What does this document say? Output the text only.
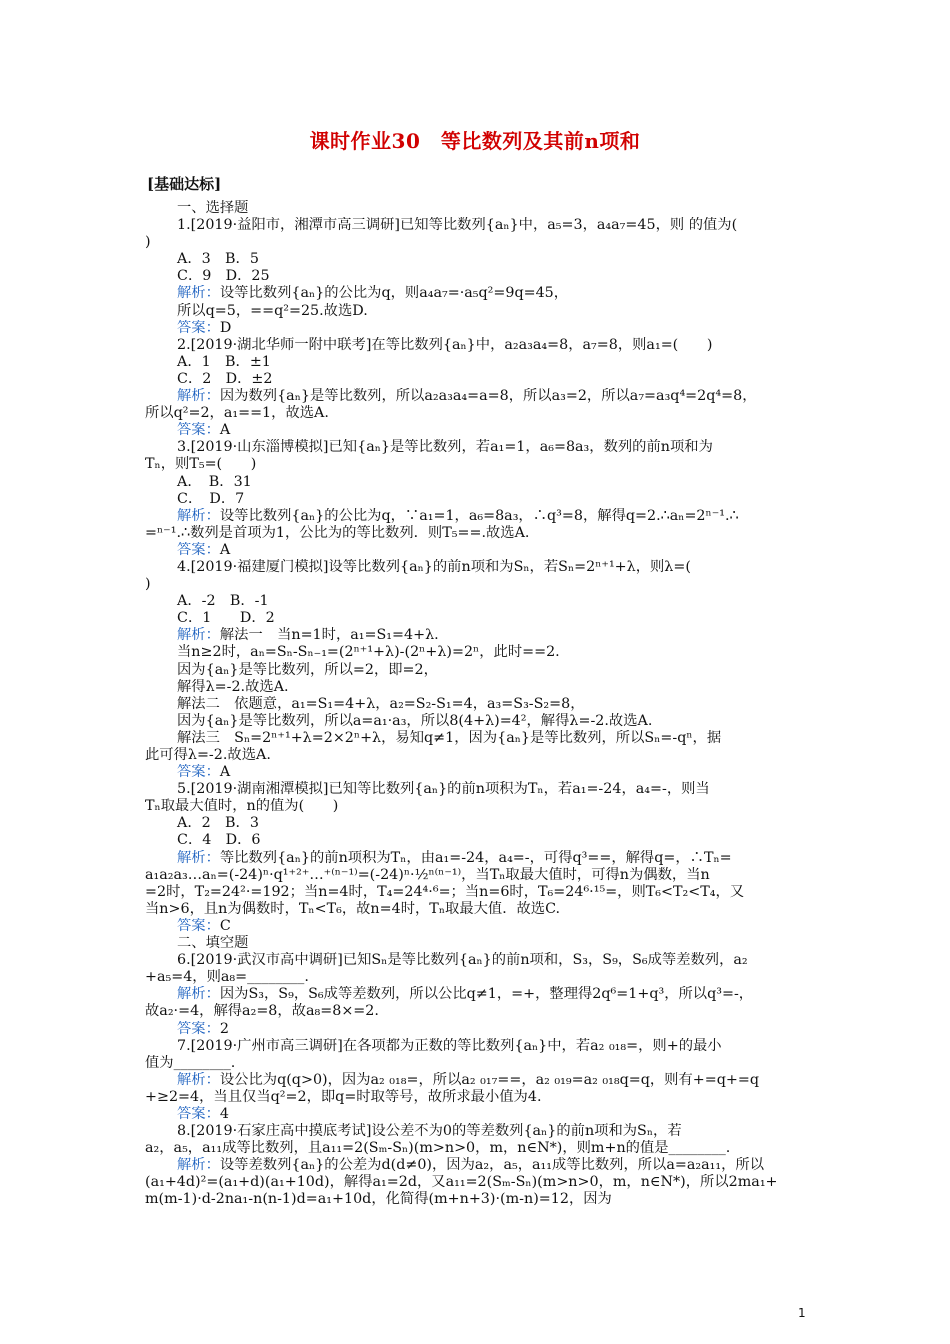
课时作业30　等比数列及其前n项和
[基础达标]

一、选择题

1.[2019·益阳市，湘潭市高三调研]已知等比数列{aₙ}中，a₅=3，a₄a₇=45，则 的值为(

)

A．3　B．5

C．9　D．25

解析：设等比数列{aₙ}的公比为q，则a₄a₇=·a₅q²=9q=45，

所以q=5，==q²=25.故选D.

答案：D

2.[2019·湖北华师一附中联考]在等比数列{aₙ}中，a₂a₃a₄=8，a₇=8，则a₁=(　　)

A．1　B．±1

C．2　D．±2

解析：因为数列{aₙ}是等比数列，所以a₂a₃a₄=a=8，所以a₃=2，所以a₇=a₃q⁴=2q⁴=8，

所以q²=2，a₁==1，故选A.

答案：A

3.[2019·山东淄博模拟]已知{aₙ}是等比数列，若a₁=1，a₆=8a₃，数列的前n项和为

Tₙ，则T₅=(　　)

A．　B．31

C．　D．7

解析：设等比数列{aₙ}的公比为q，∵a₁=1，a₆=8a₃，∴q³=8，解得q=2.∴aₙ=2ⁿ⁻¹.∴

=ⁿ⁻¹.∴数列是首项为1，公比为的等比数列．则T₅==.故选A.

答案：A

4.[2019·福建厦门模拟]设等比数列{aₙ}的前n项和为Sₙ，若Sₙ=2ⁿ⁺¹+λ，则λ=(

)

A．-2　B．-1

C．1　　D．2

解析：解法一　当n=1时，a₁=S₁=4+λ.

当n≥2时，aₙ=Sₙ-Sₙ₋₁=(2ⁿ⁺¹+λ)-(2ⁿ+λ)=2ⁿ，此时==2.

因为{aₙ}是等比数列，所以=2，即=2，

解得λ=-2.故选A.

解法二　依题意，a₁=S₁=4+λ，a₂=S₂-S₁=4，a₃=S₃-S₂=8，

因为{aₙ}是等比数列，所以a=a₁·a₃，所以8(4+λ)=4²，解得λ=-2.故选A.

解法三　Sₙ=2ⁿ⁺¹+λ=2×2ⁿ+λ，易知q≠1，因为{aₙ}是等比数列，所以Sₙ=-qⁿ，据

此可得λ=-2.故选A.

答案：A

5.[2019·湖南湘潭模拟]已知等比数列{aₙ}的前n项积为Tₙ，若a₁=-24，a₄=-，则当

Tₙ取最大值时，n的值为(　　)

A．2　B．3

C．4　D．6

解析：等比数列{aₙ}的前n项积为Tₙ，由a₁=-24，a₄=-，可得q³==，解得q=，∴Tₙ=

a₁a₂a₃…aₙ=(-24)ⁿ·q¹⁺²⁺…⁺⁽ⁿ⁻¹⁾=(-24)ⁿ·½ⁿ⁽ⁿ⁻¹⁾，当Tₙ取最大值时，可得n为偶数，当n

=2时，T₂=24²·=192；当n=4时，T₄=24⁴·⁶=；当n=6时，T₆=24⁶·¹⁵=，则T₆<T₂<T₄，又

当n>6，且n为偶数时，Tₙ<T₆，故n=4时，Tₙ取最大值．故选C.

答案：C

二、填空题

6.[2019·武汉市高中调研]已知Sₙ是等比数列{aₙ}的前n项和，S₃，S₉，S₆成等差数列，a₂

+a₅=4，则a₈=________.

解析：因为S₃，S₉，S₆成等差数列，所以公比q≠1，=+，整理得2q⁶=1+q³，所以q³=-，

故a₂·=4，解得a₂=8，故a₈=8×=2.

答案：2

7.[2019·广州市高三调研]在各项都为正数的等比数列{aₙ}中，若a₂ ₀₁₈=，则+的最小

值为________.

解析：设公比为q(q>0)，因为a₂ ₀₁₈=，所以a₂ ₀₁₇==，a₂ ₀₁₉=a₂ ₀₁₈q=q，则有+=q+=q

+≥2=4，当且仅当q²=2，即q=时取等号，故所求最小值为4.

答案：4

8.[2019·石家庄高中摸底考试]设公差不为0的等差数列{aₙ}的前n项和为Sₙ，若

a₂，a₅，a₁₁成等比数列，且a₁₁=2(Sₘ-Sₙ)(m>n>0，m，n∈N*)，则m+n的值是________.

解析：设等差数列{aₙ}的公差为d(d≠0)，因为a₂，a₅，a₁₁成等比数列，所以a=a₂a₁₁，所以

(a₁+4d)²=(a₁+d)(a₁+10d)，解得a₁=2d，又a₁₁=2(Sₘ-Sₙ)(m>n>0，m，n∈N*)，所以2ma₁+

m(m-1)·d-2na₁-n(n-1)d=a₁+10d，化简得(m+n+3)·(m-n)=12，因为

1
